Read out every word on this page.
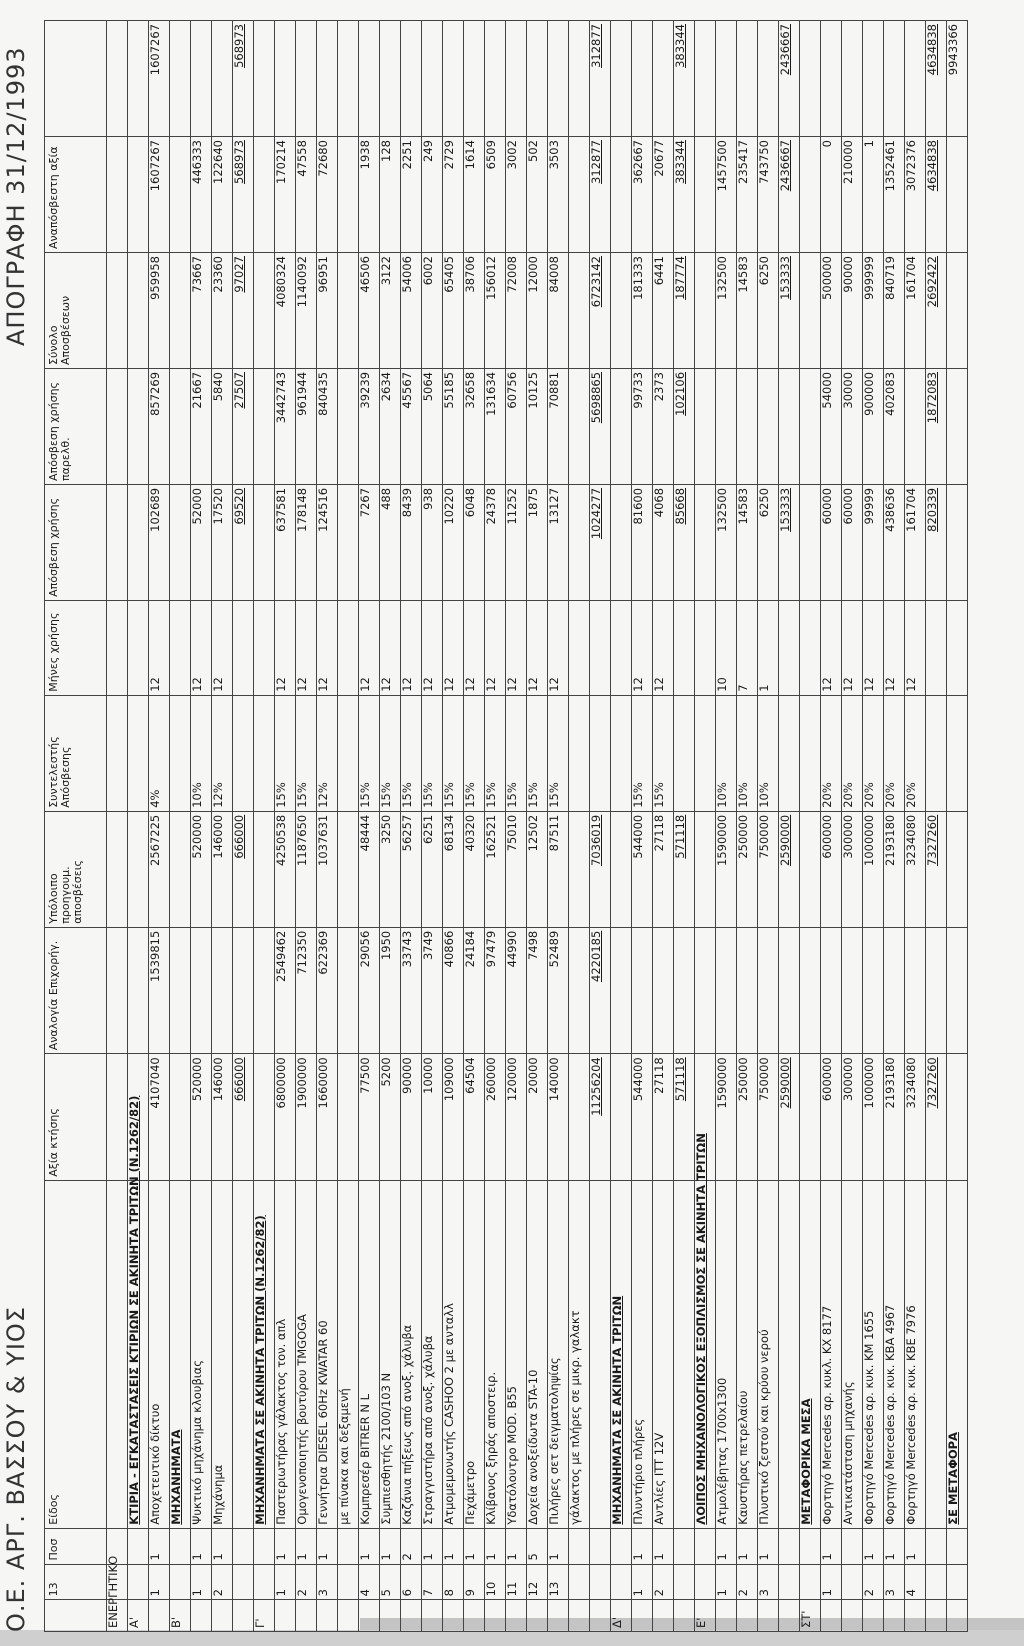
Ο.Ε. ΑΡΓ. ΒΑΣΣΟΥ & ΥΙΟΣ
ΑΠΟΓΡΑΦΗ 31/12/1993
	13	Ποσ	Είδος	Αξία κτήσης	Αναλογία Επιχορήγ.	Υπόλοιπο προηγουμ. αποσβέσεις	Συντελεστής Απόσβεσης	Μήνες χρήσης	Απόσβεση χρήσης	Απόσβεση χρήσης παρελθ.	Σύνολο Αποσβέσεων	Αναπόσβεστη αξία	
ΕΝΕΡΓΗΤΙΚΟ													
Α'			ΚΤΙΡΙΑ - ΕΓΚΑΤΑΣΤΑΣΕΙΣ ΚΤΙΡΙΩΝ ΣΕ ΑΚΙΝΗΤΑ ΤΡΙΤΩΝ (Ν.1262/82)										
	1	1	Αποχετευτικό δίκτυο	4107040	1539815	2567225	4%	12	102689	857269	959958	1607267	1607267
Β'			ΜΗΧΑΝΗΜΑΤΑ										
	1	1	Ψυκτικό μηχάνημα κλουβιας	520000		520000	10%	12	52000	21667	73667	446333	
	2	1	Μηχάνημα	146000		146000	12%	12	17520	5840	23360	122640	
				666000		666000			69520	27507	97027	568973	568973
Γ'			ΜΗΧΑΝΗΜΑΤΑ ΣΕ ΑΚΙΝΗΤΑ ΤΡΙΤΩΝ (Ν.1262/82)										
	1	1	Παστεριωτήρας γάλακτος τον. απλ	6800000	2549462	4250538	15%	12	637581	3442743	4080324	170214	
	2	1	Ομογενοποιητής βουτύρου TMGOGA	1900000	712350	1187650	15%	12	178148	961944	1140092	47558	
	3	1	Γεννήτρια DIESEL 60Hz KWATAR 60	1660000	622369	1037631	12%	12	124516	840435	96951	72680	
			με πίνακα και δεξαμενή										
	4	1	Κομπρεσέρ BITRER N L	77500	29056	48444	15%	12	7267	39239	46506	1938	
	5	1	Συμπιεσθητής 2100/103 Ν	5200	1950	3250	15%	12	488	2634	3122	128	
	6	2	Καζάνια πήξεως από ανοξ. χάλυβα	90000	33743	56257	15%	12	8439	45567	54006	2251	
	7	1	Στραγγιστήρα από ανοξ. χάλυβα	10000	3749	6251	15%	12	938	5064	6002	249	
	8	1	Ατμομεμονωτής CASHOO 2 με ανταλλ	109000	40866	68134	15%	12	10220	55185	65405	2729	
	9	1	Πεχάμετρο	64504	24184	40320	15%	12	6048	32658	38706	1614	
	10	1	Κλίβανος ξηράς αποστειρ.	260000	97479	162521	15%	12	24378	131634	156012	6509	
	11	1	Υδατόλουτρο MOD. B55	120000	44990	75010	15%	12	11252	60756	72008	3002	
	12	5	Δοχεία ανοξείδωτα STA-10	20000	7498	12502	15%	12	1875	10125	12000	502	
	13	1	Πιλήρες σετ δειγματοληψίας	140000	52489	87511	15%	12	13127	70881	84008	3503	
			γάλακτος με πλήρες σε μικρ. γαλακτ										
				11256204	4220185	7036019			1024277	5698865	6723142	312877	312877
Δ'			ΜΗΧΑΝΗΜΑΤΑ ΣΕ ΑΚΙΝΗΤΑ ΤΡΙΤΩΝ										
	1	1	Πλυντήριο πλήρες	544000		544000	15%	12	81600	99733	181333	362667	
	2	1	Αντλίες ITT 12V	27118		27118	15%	12	4068	2373	6441	20677	
				571118		571118			85668	102106	187774	383344	383344
Ε'			ΛΟΙΠΟΣ ΜΗΧΑΝΟΛΟΓΙΚΟΣ ΕΞΟΠΛΙΣΜΟΣ ΣΕ ΑΚΙΝΗΤΑ ΤΡΙΤΩΝ										
	1	1	Ατμολέβητας 1700x1300	1590000		1590000	10%	10	132500		132500	1457500	
	2	1	Καυστήρας πετρελαίου	250000		250000	10%	7	14583		14583	235417	
	3	1	Πλυστικό ζεστού και κρύου νερού	750000		750000	10%	1	6250		6250	743750	
				2590000		2590000			153333		153333	2436667	2436667
ΣΤ'			ΜΕΤΑΦΟΡΙΚΑ ΜΕΣΑ										
	1	1	Φορτηγό Mercedes αρ. κυκλ. KX 8177	600000		600000	20%	12	60000	54000	500000	0	
			Αντικατάσταση μηχανής	300000		300000	20%	12	60000	30000	90000	210000	
	2	1	Φορτηγό Mercedes αρ. κυκ. ΚΜ 1655	1000000		1000000	20%	12	99999	900000	999999	1	
	3	1	Φορτηγό Mercedes αρ. κυκ. ΚΒΑ 4967	2193180		2193180	20%	12	438636	402083	840719	1352461	
	4	1	Φορτηγό Mercedes αρ. κυκ. ΚΒΕ 7976	3234080		3234080	20%	12	161704		161704	3072376	
				7327260		7327260			820339	1872083	2692422	4634838	4634838
			ΣΕ ΜΕΤΑΦΟΡΑ										9943366
